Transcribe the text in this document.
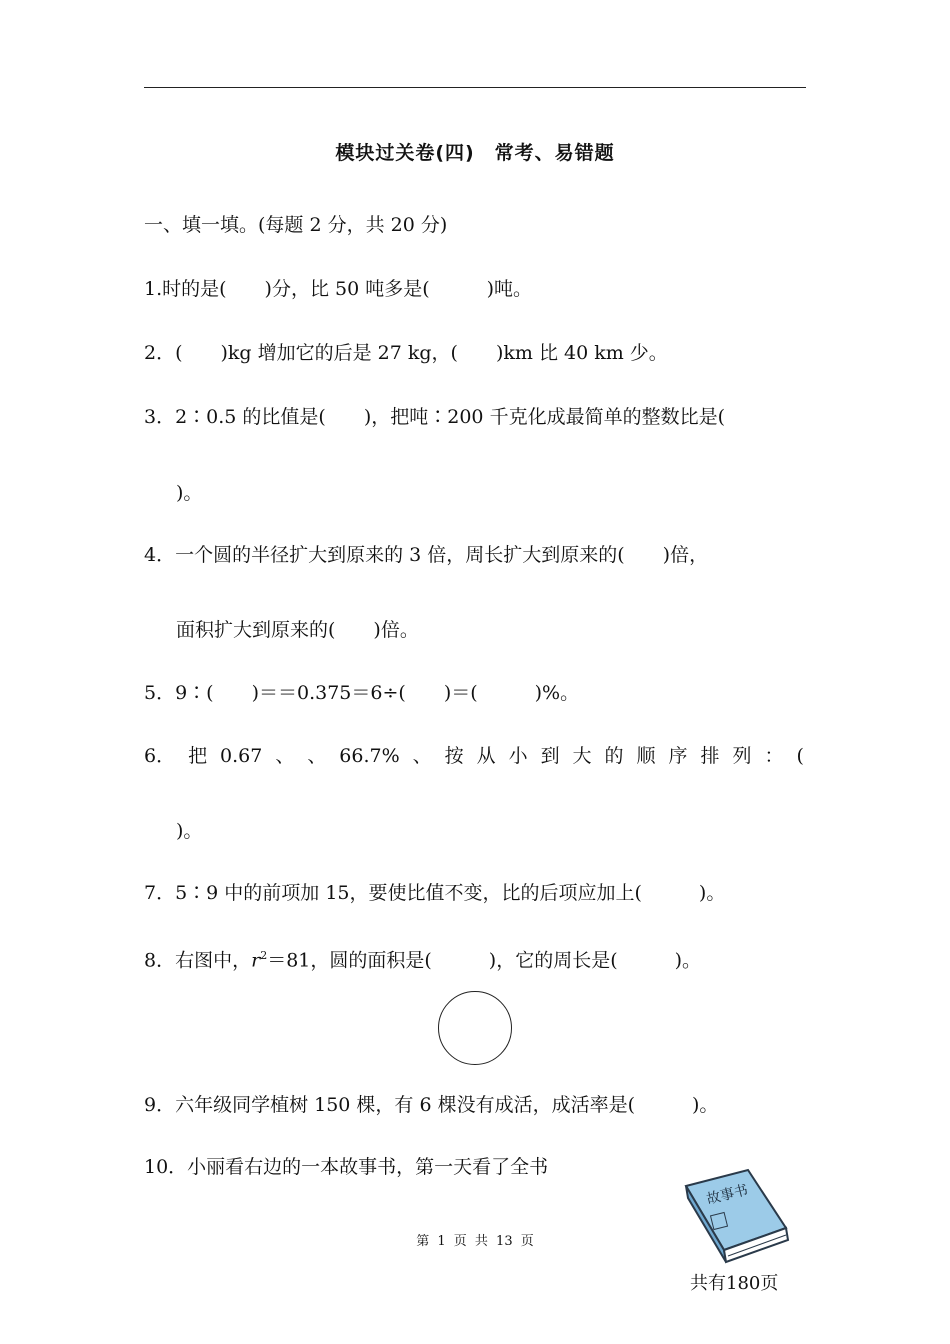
模块过关卷(四)　常考、易错题
一、填一填。(每题 2 分，共 20 分)
1.时的是(　　)分，比 50 吨多是(　　　)吨。
2．(　　)kg 增加它的后是 27 kg，(　　)km 比 40 km 少。
3．2∶0.5 的比值是(　　)，把吨∶200 千克化成最简单的整数比是(
)。
4．一个圆的半径扩大到原来的 3 倍，周长扩大到原来的(　　)倍，
面积扩大到原来的(　　)倍。
5．9∶(　　)＝＝0.375＝6÷(　　)＝(　　　)%。
6． 把 0.67 、 、 66.7% 、 按 从 小 到 大 的 顺 序 排 列 ： (
)。
7．5∶9 中的前项加 15，要使比值不变，比的后项应加上(　　　)。
8．右图中，$r^2=81$，圆的面积是(　　　)，它的周长是(　　　)。
9．六年级同学植树 150 棵，有 6 棵没有成活，成活率是(　　　)。
10．小丽看右边的一本故事书，第一天看了全书
第 1 页 共 13 页
故事书
共有180页
